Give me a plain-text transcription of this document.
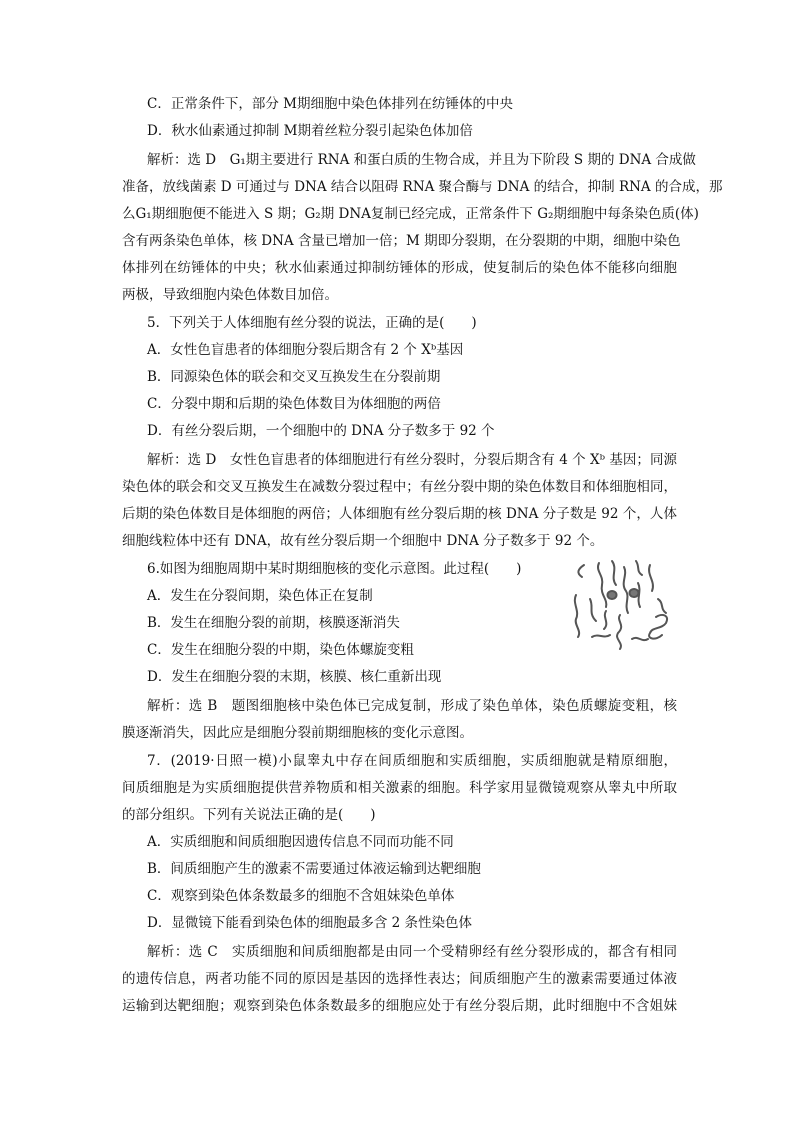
C．正常条件下，部分 M期细胞中染色体排列在纺锤体的中央
D．秋水仙素通过抑制 M期着丝粒分裂引起染色体加倍
解析：选 D　G₁期主要进行 RNA 和蛋白质的生物合成，并且为下阶段 S 期的 DNA 合成做
准备，放线菌素 D 可通过与 DNA 结合以阻碍 RNA 聚合酶与 DNA 的结合，抑制 RNA 的合成，那
么G₁期细胞便不能进入 S 期；G₂期 DNA复制已经完成，正常条件下 G₂期细胞中每条染色质(体)
含有两条染色单体，核 DNA 含量已增加一倍；M 期即分裂期，在分裂期的中期，细胞中染色
体排列在纺锤体的中央；秋水仙素通过抑制纺锤体的形成，使复制后的染色体不能移向细胞
两极，导致细胞内染色体数目加倍。
5．下列关于人体细胞有丝分裂的说法，正确的是(　　)
A．女性色盲患者的体细胞分裂后期含有 2 个 Xᵇ基因
B．同源染色体的联会和交叉互换发生在分裂前期
C．分裂中期和后期的染色体数目为体细胞的两倍
D．有丝分裂后期，一个细胞中的 DNA 分子数多于 92 个
解析：选 D　女性色盲患者的体细胞进行有丝分裂时，分裂后期含有 4 个 Xᵇ 基因；同源
染色体的联会和交叉互换发生在减数分裂过程中；有丝分裂中期的染色体数目和体细胞相同，
后期的染色体数目是体细胞的两倍；人体细胞有丝分裂后期的核 DNA 分子数是 92 个，人体
细胞线粒体中还有 DNA，故有丝分裂后期一个细胞中 DNA 分子数多于 92 个。
6.如图为细胞周期中某时期细胞核的变化示意图。此过程(　　)
A．发生在分裂间期，染色体正在复制
B．发生在细胞分裂的前期，核膜逐渐消失
C．发生在细胞分裂的中期，染色体螺旋变粗
D．发生在细胞分裂的末期，核膜、核仁重新出现
解析：选 B　题图细胞核中染色体已完成复制，形成了染色单体，染色质螺旋变粗，核
膜逐渐消失，因此应是细胞分裂前期细胞核的变化示意图。
7．(2019·日照一模)小鼠睾丸中存在间质细胞和实质细胞，实质细胞就是精原细胞，
间质细胞是为实质细胞提供营养物质和相关激素的细胞。科学家用显微镜观察从睾丸中所取
的部分组织。下列有关说法正确的是(　　)
A．实质细胞和间质细胞因遗传信息不同而功能不同
B．间质细胞产生的激素不需要通过体液运输到达靶细胞
C．观察到染色体条数最多的细胞不含姐妹染色单体
D．显微镜下能看到染色体的细胞最多含 2 条性染色体
解析：选 C　实质细胞和间质细胞都是由同一个受精卵经有丝分裂形成的，都含有相同
的遗传信息，两者功能不同的原因是基因的选择性表达；间质细胞产生的激素需要通过体液
运输到达靶细胞；观察到染色体条数最多的细胞应处于有丝分裂后期，此时细胞中不含姐妹
